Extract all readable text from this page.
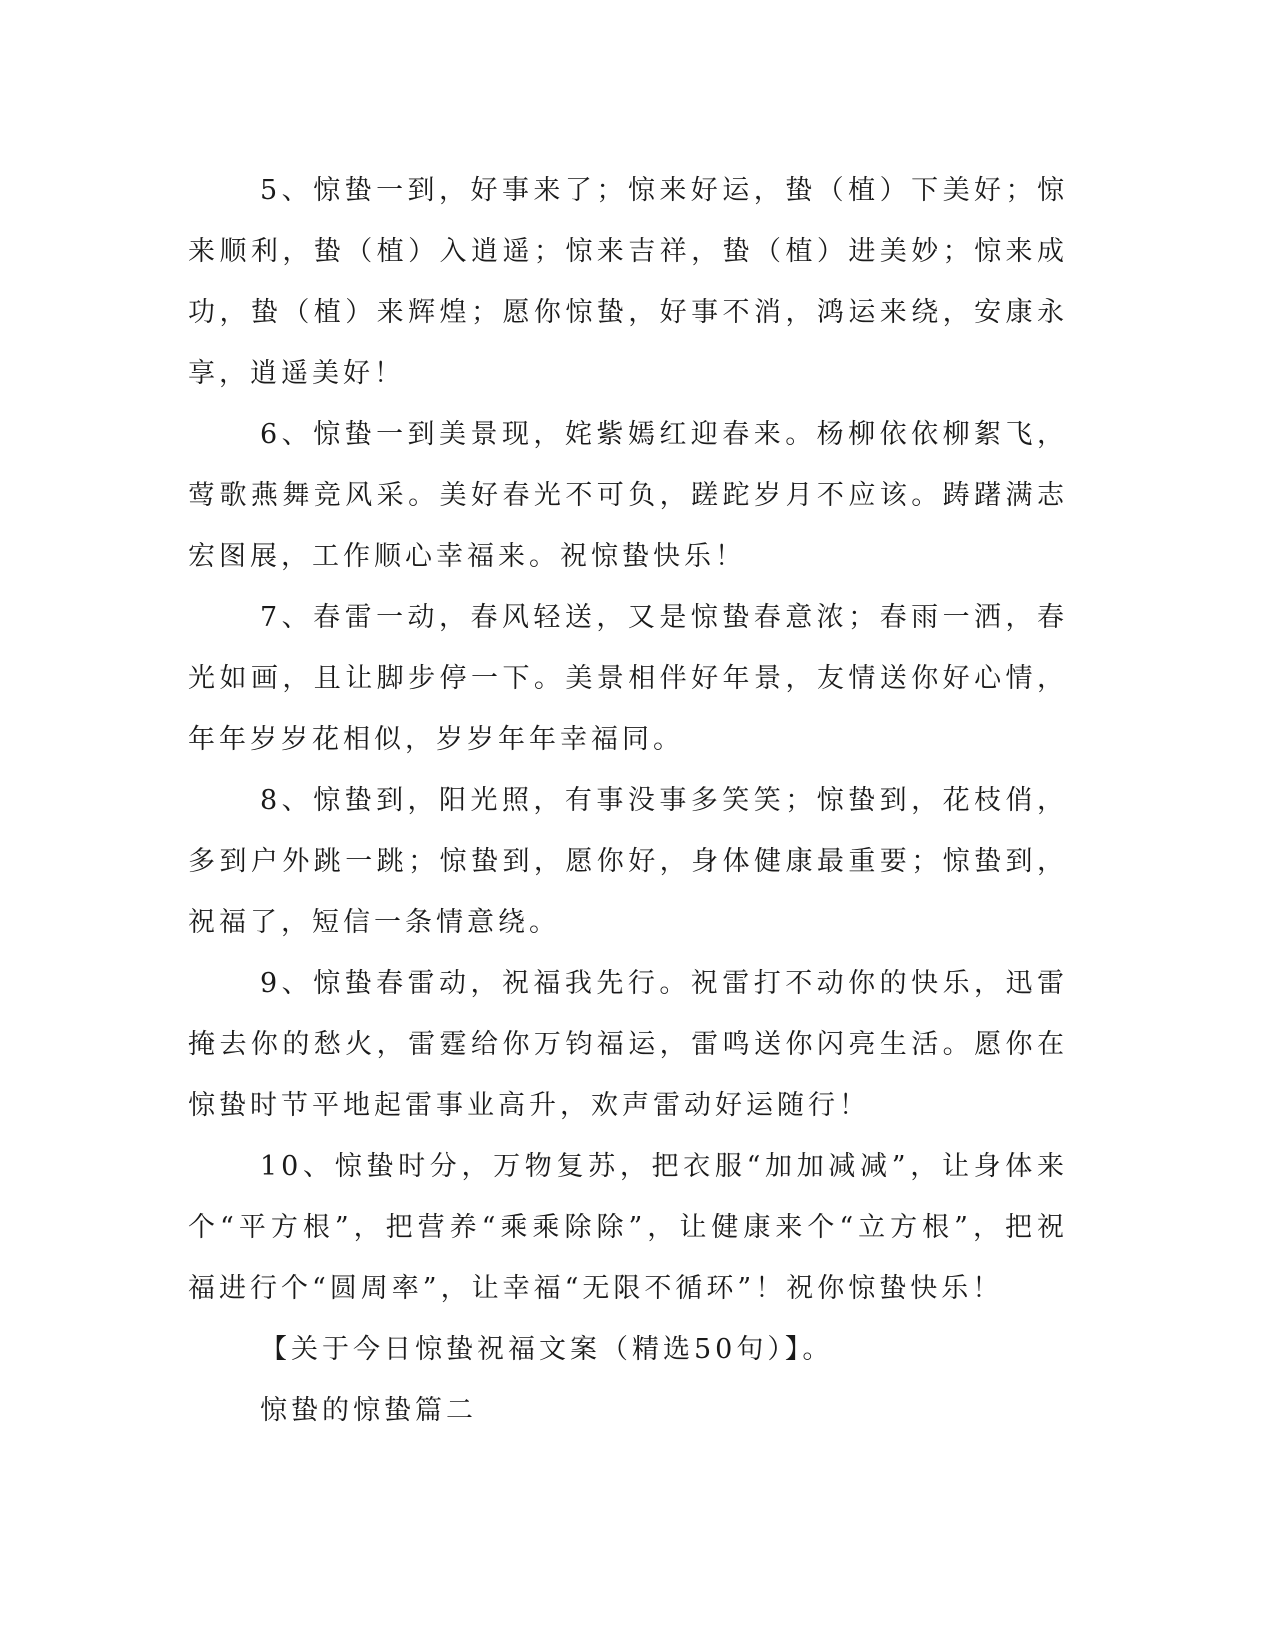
5、惊蛰一到，好事来了；惊来好运，蛰（植）下美好；惊来顺利，蛰（植）入逍遥；惊来吉祥，蛰（植）进美妙；惊来成功，蛰（植）来辉煌；愿你惊蛰，好事不消，鸿运来绕，安康永享，逍遥美好！

6、惊蛰一到美景现，姹紫嫣红迎春来。杨柳依依柳絮飞，莺歌燕舞竞风采。美好春光不可负，蹉跎岁月不应该。踌躇满志宏图展，工作顺心幸福来。祝惊蛰快乐！

7、春雷一动，春风轻送，又是惊蛰春意浓；春雨一洒，春光如画，且让脚步停一下。美景相伴好年景，友情送你好心情，年年岁岁花相似，岁岁年年幸福同。

8、惊蛰到，阳光照，有事没事多笑笑；惊蛰到，花枝俏，多到户外跳一跳；惊蛰到，愿你好，身体健康最重要；惊蛰到，祝福了，短信一条情意绕。

9、惊蛰春雷动，祝福我先行。祝雷打不动你的快乐，迅雷掩去你的愁火，雷霆给你万钧福运，雷鸣送你闪亮生活。愿你在惊蛰时节平地起雷事业高升，欢声雷动好运随行！

10、惊蛰时分，万物复苏，把衣服“加加减减”，让身体来个“平方根”，把营养“乘乘除除”，让健康来个“立方根”，把祝福进行个“圆周率”，让幸福“无限不循环”！祝你惊蛰快乐！

【关于今日惊蛰祝福文案（精选50句）】。

惊蛰的惊蛰篇二
